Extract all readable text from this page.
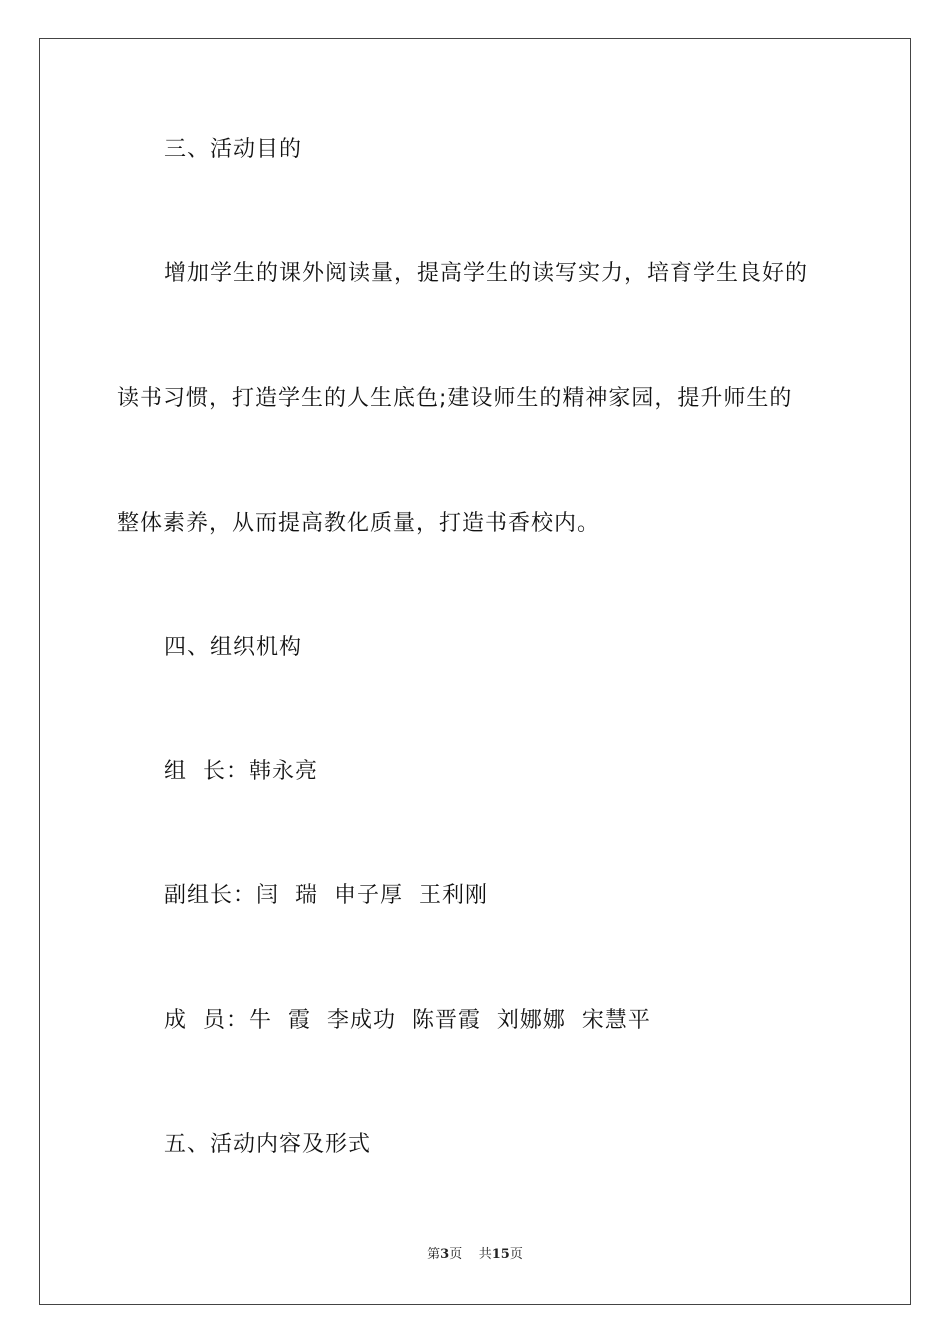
三、活动目的
增加学生的课外阅读量，提高学生的读写实力，培育学生良好的
读书习惯，打造学生的人生底色;建设师生的精神家园，提升师生的
整体素养，从而提高教化质量，打造书香校内。
四、组织机构
组  长：韩永亮
副组长：闫  瑞  申子厚  王利刚
成  员：牛  霞  李成功  陈晋霞  刘娜娜  宋慧平
五、活动内容及形式
第3页 共15页
